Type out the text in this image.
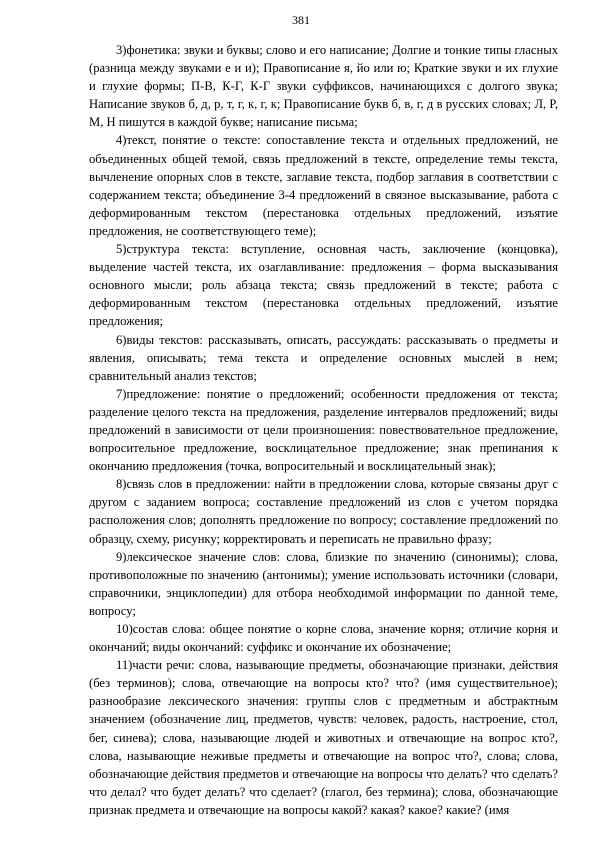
381

3)фонетика: звуки и буквы; слово и его написание; Долгие и тонкие типы гласных (разница между звуками е и и); Правописание я, йо или ю; Краткие звуки и их глухие и глухие формы; П-В, К-Г, К-Г звуки суффиксов, начинающихся с долгого звука; Написание звуков б, д, р, т, г, к, г, к; Правописание букв б, в, г, д в русских словах; Л, Р, М, Н пишутся в каждой букве; написание письма;

4)текст, понятие о тексте: сопоставление текста и отдельных предложений, не объединенных общей темой, связь предложений в тексте, определение темы текста, вычленение опорных слов в тексте, заглавие текста, подбор заглавия в соответствии с содержанием текста; объединение 3-4 предложений в связное высказывание, работа с деформированным текстом (перестановка отдельных предложений, изъятие предложения, не соответствующего теме);

5)структура текста: вступление, основная часть, заключение (концовка), выделение частей текста, их озаглавливание: предложения – форма высказывания основного мысли; роль абзаца текста; связь предложений в тексте; работа с деформированным текстом (перестановка отдельных предложений, изъятие предложения;

6)виды текстов: рассказывать, описать, рассуждать: рассказывать о предметы и явления, описывать; тема текста и определение основных мыслей в нем; сравнительный анализ текстов;

7)предложение: понятие о предложений; особенности предложения от текста; разделение целого текста на предложения, разделение интервалов предложений; виды предложений в зависимости от цели произношения: повествовательное предложение, вопросительное предложение, восклицательное предложение; знак препинания к окончанию предложения (точка, вопросительный и восклицательный знак);

8)связь слов в предложении: найти в предложении слова, которые связаны друг с другом с заданием вопроса; составление предложений из слов с учетом порядка расположения слов; дополнять предложение по вопросу; составление предложений по образцу, схему, рисунку; корректировать и переписать не правильно фразу;

9)лексическое значение слов: слова, близкие по значению (синонимы); слова, противоположные по значению (антонимы); умение использовать источники (словари, справочники, энциклопедии) для отбора необходимой информации по данной теме, вопросу;

10)состав слова: общее понятие о корне слова, значение корня; отличие корня и окончаний; виды окончаний: суффикс и окончание их обозначение;

11)части речи: слова, называющие предметы, обозначающие признаки, действия (без терминов); слова, отвечающие на вопросы кто? что? (имя существительное); разнообразие лексического значения: группы слов с предметным и абстрактным значением (обозначение лиц, предметов, чувств: человек, радость, настроение, стол, бег, синева); слова, называющие людей и животных и отвечающие на вопрос кто?, слова, называющие неживые предметы и отвечающие на вопрос что?, слова; слова, обозначающие действия предметов и отвечающие на вопросы что делать? что сделать? что делал? что будет делать? что сделает? (глагол, без термина); слова, обозначающие признак предмета и отвечающие на вопросы какой? какая? какое? какие? (имя
